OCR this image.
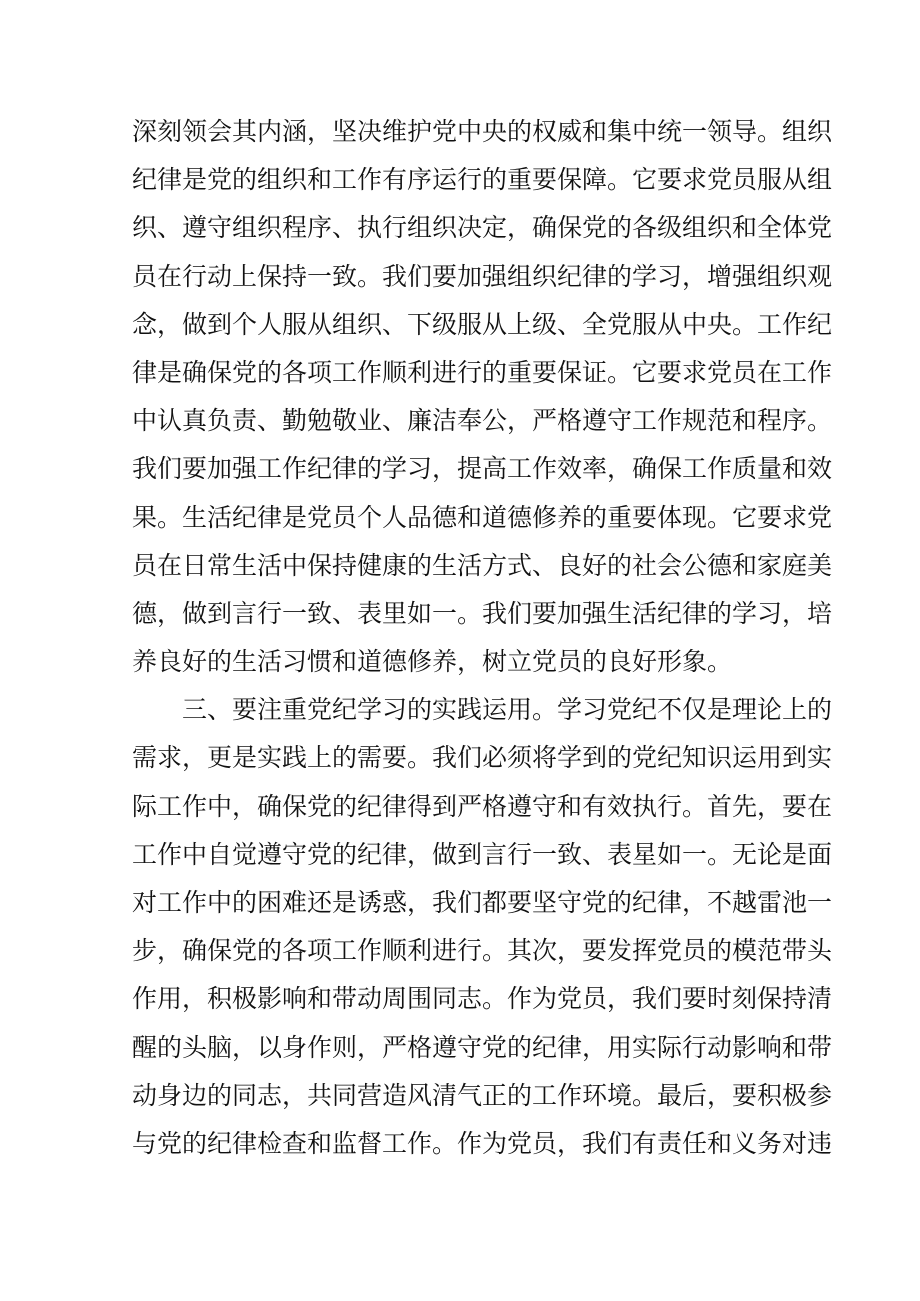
深刻领会其内涵，坚决维护党中央的权威和集中统一领导。组织
纪律是党的组织和工作有序运行的重要保障。它要求党员服从组
织、遵守组织程序、执行组织决定，确保党的各级组织和全体党
员在行动上保持一致。我们要加强组织纪律的学习，增强组织观
念，做到个人服从组织、下级服从上级、全党服从中央。工作纪
律是确保党的各项工作顺利进行的重要保证。它要求党员在工作
中认真负责、勤勉敬业、廉洁奉公，严格遵守工作规范和程序。
我们要加强工作纪律的学习，提高工作效率，确保工作质量和效
果。生活纪律是党员个人品德和道德修养的重要体现。它要求党
员在日常生活中保持健康的生活方式、良好的社会公德和家庭美
德，做到言行一致、表里如一。我们要加强生活纪律的学习，培
养良好的生活习惯和道德修养，树立党员的良好形象。
　　三、要注重党纪学习的实践运用。学习党纪不仅是理论上的
需求，更是实践上的需要。我们必须将学到的党纪知识运用到实
际工作中，确保党的纪律得到严格遵守和有效执行。首先，要在
工作中自觉遵守党的纪律，做到言行一致、表星如一。无论是面
对工作中的困难还是诱惑，我们都要坚守党的纪律，不越雷池一
步，确保党的各项工作顺利进行。其次，要发挥党员的模范带头
作用，积极影响和带动周围同志。作为党员，我们要时刻保持清
醒的头脑，以身作则，严格遵守党的纪律，用实际行动影响和带
动身边的同志，共同营造风清气正的工作环境。最后，要积极参
与党的纪律检查和监督工作。作为党员，我们有责任和义务对违
